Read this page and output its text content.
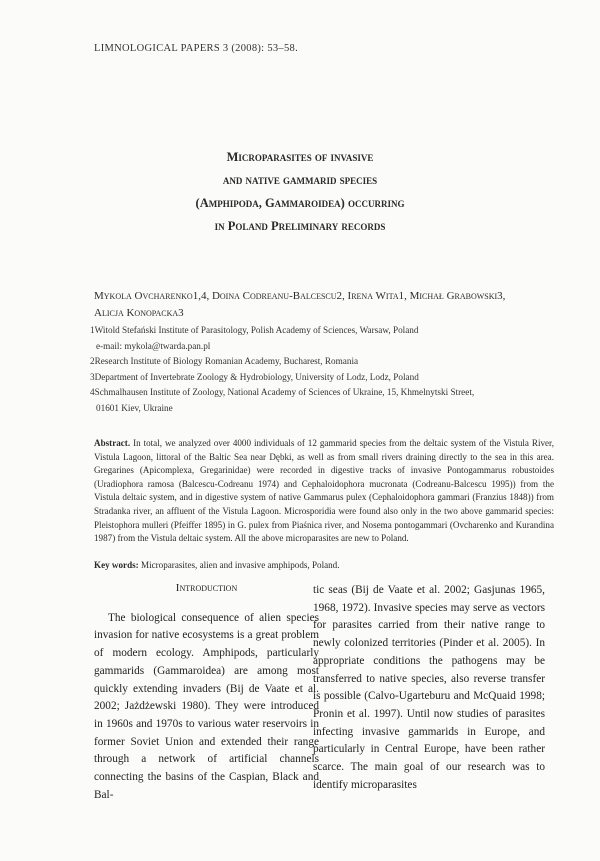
LIMNOLOGICAL PAPERS 3 (2008): 53–58.
Microparasites of invasive
and native gammarid species
(Amphipoda, Gammaroidea) occurring
in Poland Preliminary records
Mykola Ovcharenko1,4, Doina Codreanu-Balcescu2, Irena Wita1, Michał Grabowski3,
Alicja Konopacka3
1Witold Stefański Institute of Parasitology, Polish Academy of Sciences, Warsaw, Poland
e-mail: mykola@twarda.pan.pl
2Research Institute of Biology Romanian Academy, Bucharest, Romania
3Department of Invertebrate Zoology & Hydrobiology, University of Lodz, Lodz, Poland
4Schmalhausen Institute of Zoology, National Academy of Sciences of Ukraine, 15, Khmelnytski Street,
01601 Kiev, Ukraine
Abstract. In total, we analyzed over 4000 individuals of 12 gammarid species from the deltaic system of the Vistula River, Vistula Lagoon, littoral of the Baltic Sea near Dębki, as well as from small rivers draining directly to the sea in this area. Gregarines (Apicomplexa, Gregarinidae) were recorded in digestive tracks of invasive Pontogammarus robustoides (Uradiophora ramosa (Balcescu-Codreanu 1974) and Cephaloidophora mucronata (Codreanu-Balcescu 1995)) from the Vistula deltaic system, and in digestive system of native Gammarus pulex (Cephaloidophora gammari (Franzius 1848)) from Stradanka river, an affluent of the Vistula Lagoon. Microsporidia were found also only in the two above gammarid species: Pleistophora mulleri (Pfeiffer 1895) in G. pulex from Piaśnica river, and Nosema pontogammari (Ovcharenko and Kurandina 1987) from the Vistula deltaic system. All the above microparasites are new to Poland.
Key words: Microparasites, alien and invasive amphipods, Poland.
Introduction

The biological consequence of alien species invasion for native ecosystems is a great problem of modern ecology. Amphipods, particularly gammarids (Gammaroidea) are among most quickly extending invaders (Bij de Vaate et al. 2002; Jażdżewski 1980). They were introduced in 1960s and 1970s to various water reservoirs in former Soviet Union and extended their range through a network of artificial channels connecting the basins of the Caspian, Black and Bal-

tic seas (Bij de Vaate et al. 2002; Gasjunas 1965, 1968, 1972). Invasive species may serve as vectors for parasites carried from their native range to newly colonized territories (Pinder et al. 2005). In appropriate conditions the pathogens may be transferred to native species, also reverse transfer is possible (Calvo-Ugarteburu and McQuaid 1998; Pronin et al. 1997). Until now studies of parasites infecting invasive gammarids in Europe, and particularly in Central Europe, have been rather scarce. The main goal of our research was to identify microparasites
